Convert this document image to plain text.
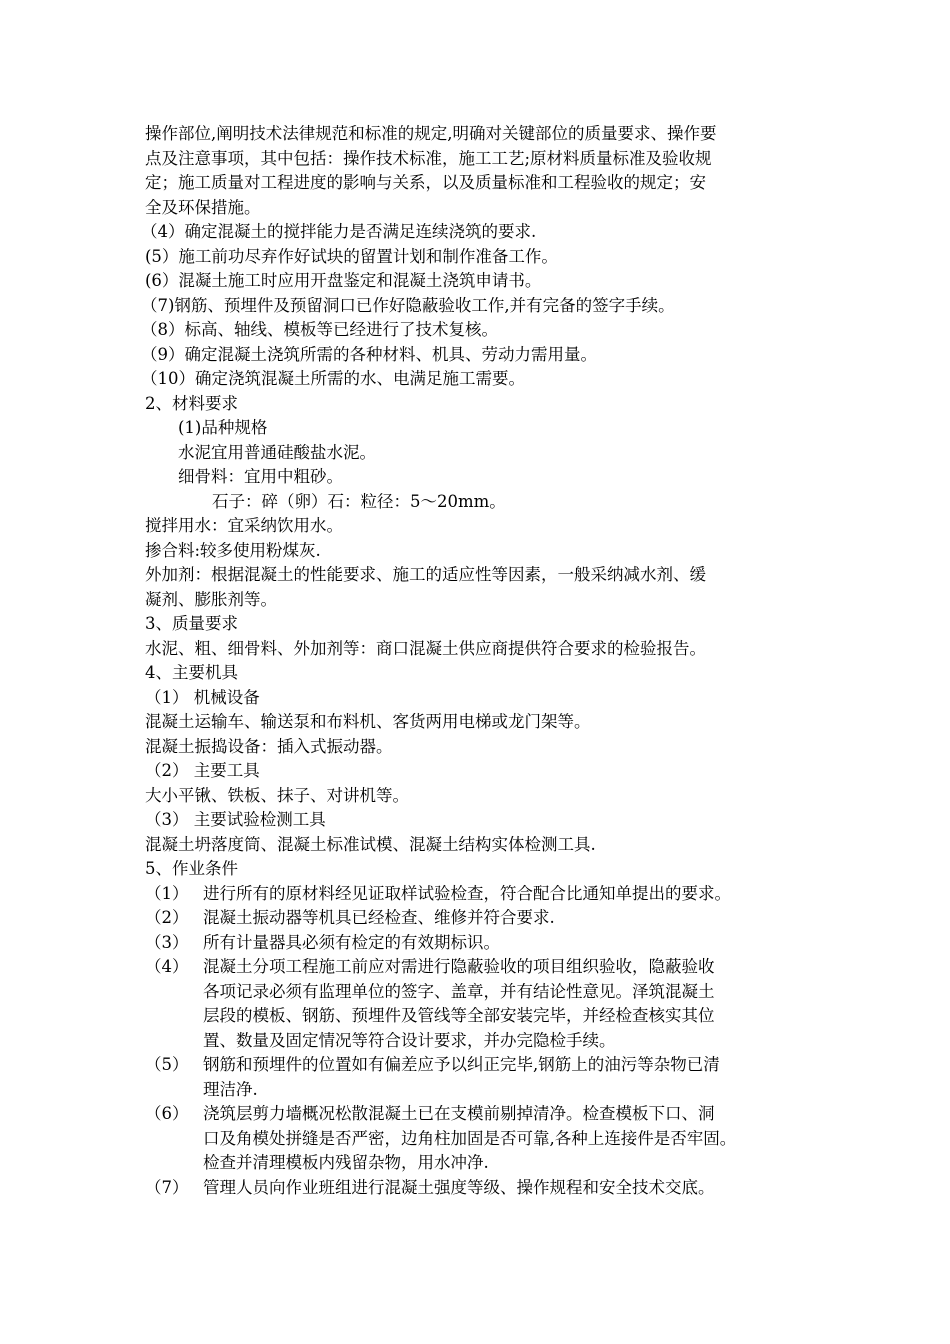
操作部位,阐明技术法律规范和标准的规定,明确对关键部位的质量要求、操作要
点及注意事项，其中包括：操作技术标准，施工工艺;原材料质量标准及验收规
定；施工质量对工程进度的影响与关系，以及质量标准和工程验收的规定；安
全及环保措施。
（4）确定混凝土的搅拌能力是否满足连续浇筑的要求.
(5）施工前功尽弃作好试块的留置计划和制作准备工作。
(6）混凝土施工时应用开盘鉴定和混凝土浇筑申请书。
（7)钢筋、预埋件及预留洞口已作好隐蔽验收工作,并有完备的签字手续。
（8）标高、轴线、模板等已经进行了技术复核。
（9）确定混凝土浇筑所需的各种材料、机具、劳动力需用量。
（10）确定浇筑混凝土所需的水、电满足施工需要。
2、材料要求
(1)品种规格
水泥宜用普通硅酸盐水泥。
细骨料：宜用中粗砂。
石子：碎（卵）石：粒径：5～20mm。
搅拌用水：宜采纳饮用水。
掺合料:较多使用粉煤灰.
外加剂：根据混凝土的性能要求、施工的适应性等因素，一般采纳减水剂、缓
凝剂、膨胀剂等。
3、质量要求
水泥、粗、细骨料、外加剂等：商口混凝土供应商提供符合要求的检验报告。
4、主要机具
（1） 机械设备
混凝土运输车、输送泵和布料机、客货两用电梯或龙门架等。
混凝土振捣设备：插入式振动器。
（2） 主要工具
大小平锹、铁板、抹子、对讲机等。
（3） 主要试验检测工具
混凝土坍落度筒、混凝土标准试模、混凝土结构实体检测工具.
5、作业条件
（1） 进行所有的原材料经见证取样试验检查，符合配合比通知单提出的要求。
（2） 混凝土振动器等机具已经检查、维修并符合要求.
（3） 所有计量器具必须有检定的有效期标识。
（4） 混凝土分项工程施工前应对需进行隐蔽验收的项目组织验收，隐蔽验收
各项记录必须有监理单位的签字、盖章，并有结论性意见。泽筑混凝土
层段的模板、钢筋、预埋件及管线等全部安装完毕，并经检查核实其位
置、数量及固定情况等符合设计要求，并办完隐检手续。
（5） 钢筋和预埋件的位置如有偏差应予以纠正完毕,钢筋上的油污等杂物已清
理洁净.
（6） 浇筑层剪力墙概况松散混凝土已在支模前剔掉清净。检查模板下口、洞
口及角模处拼缝是否严密，边角柱加固是否可靠,各种上连接件是否牢固。
检查并清理模板内残留杂物，用水冲净.
（7） 管理人员向作业班组进行混凝土强度等级、操作规程和安全技术交底。
